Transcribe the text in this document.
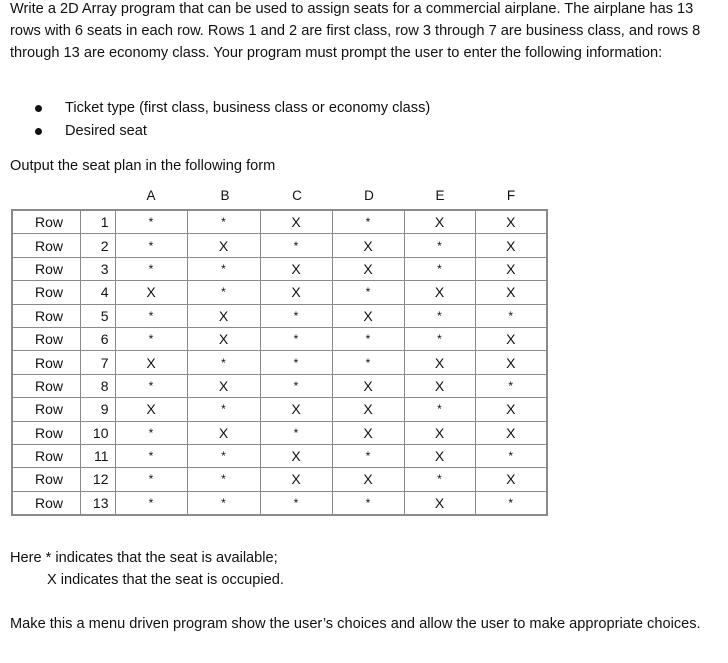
Write a 2D Array program that can be used to assign seats for a commercial airplane. The airplane has 13 rows with 6 seats in each row. Rows 1 and 2 are first class, row 3 through 7 are business class, and rows 8 through 13 are economy class. Your program must prompt the user to enter the following information:
Ticket type (first class, business class or economy class)
Desired seat
Output the seat plan in the following form
A	B	C	D	E	F
Row	1	*	*	X	*	X	X
Row	2	*	X	*	X	*	X
Row	3	*	*	X	X	*	X
Row	4	X	*	X	*	X	X
Row	5	*	X	*	X	*	*
Row	6	*	X	*	*	*	X
Row	7	X	*	*	*	X	X
Row	8	*	X	*	X	X	*
Row	9	X	*	X	X	*	X
Row	10	*	X	*	X	X	X
Row	11	*	*	X	*	X	*
Row	12	*	*	X	X	*	X
Row	13	*	*	*	*	X	*
Here * indicates that the seat is available;
X indicates that the seat is occupied.
Make this a menu driven program show the user’s choices and allow the user to make appropriate choices.
